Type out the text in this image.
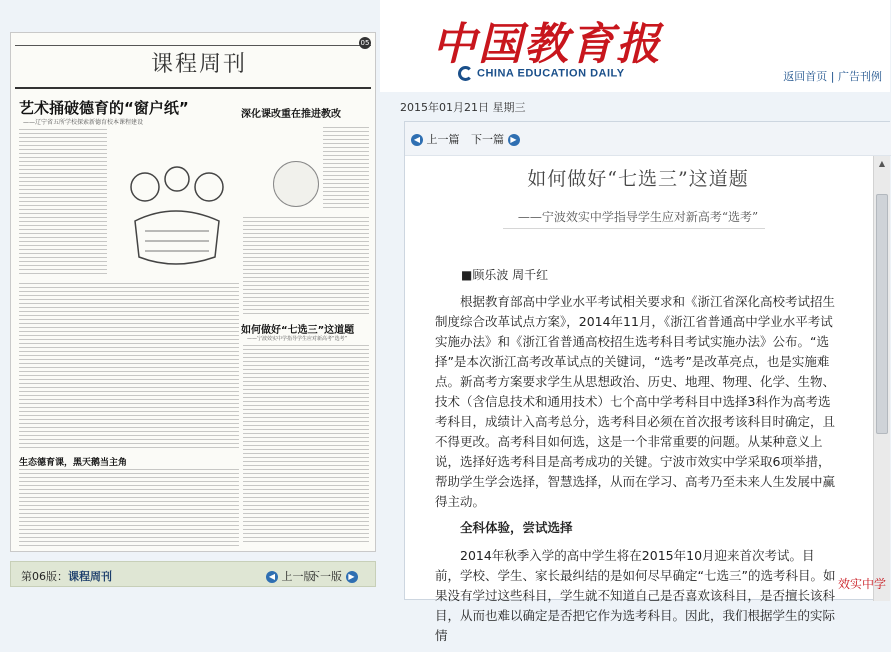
中国教育报
CHINA EDUCATION DAILY	返回首页 | 广告刊例
2015年01月21日 星期三
05
课程周刊
艺术捅破德育的“窗户纸”
——辽宁省五所学校探索新德育校本课程建设
深化课改重在推进教改
如何做好“七选三”这道题
——宁波效实中学指导学生应对新高考“选考”
生态德育课，黑天鹅当主角
第06版：课程周刊	◀ 上一版
下一版 ▶
◀ 上一篇 下一篇 ▶
如何做好“七选三”这道题
——宁波效实中学指导学生应对新高考“选考”
■顾乐波 周千红

根据教育部高中学业水平考试相关要求和《浙江省深化高校考试招生制度综合改革试点方案》，2014年11月，《浙江省普通高中学业水平考试实施办法》和《浙江省普通高校招生选考科目考试实施办法》公布。“选择”是本次浙江高考改革试点的关键词，“选考”是改革亮点，也是实施难点。新高考方案要求学生从思想政治、历史、地理、物理、化学、生物、技术（含信息技术和通用技术）七个高中学考科目中选择3科作为高考选考科目，成绩计入高考总分，选考科目必须在首次报考该科目时确定，且不得更改。高考科目如何选，这是一个非常重要的问题。从某种意义上说，选择好选考科目是高考成功的关键。宁波市效实中学采取6项举措，帮助学生学会选择，智慧选择，从而在学习、高考乃至未来人生发展中赢得主动。

全科体验，尝试选择

2014年秋季入学的高中学生将在2015年10月迎来首次考试。目前，学校、学生、家长最纠结的是如何尽早确定“七选三”的选考科目。如果没有学过这些科目，学生就不知道自己是否喜欢该科目，是否擅长该科目，从而也难以确定是否把它作为选考科目。因此，我们根据学生的实际情

▲
效实中学
